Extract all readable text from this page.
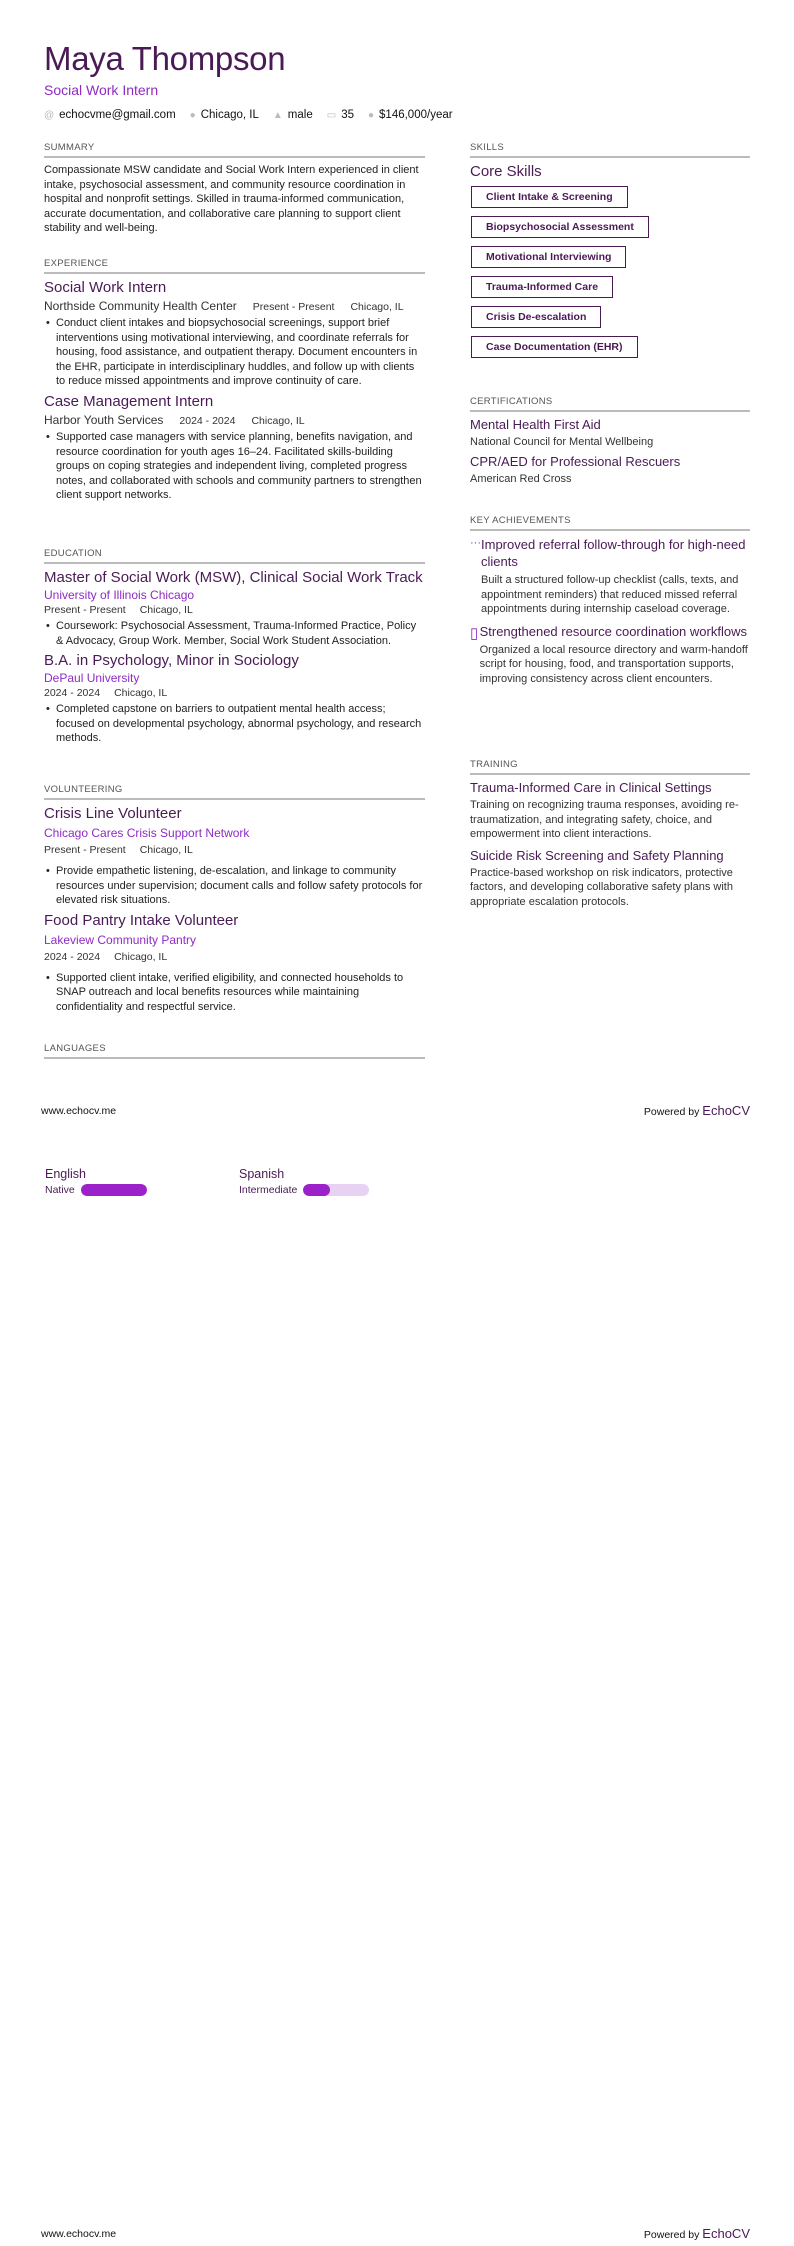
Maya Thompson
Social Work Intern
@ echocvme@gmail.com ● Chicago, IL ▲ male ▭ 35 ● $146,000/year
SUMMARY
Compassionate MSW candidate and Social Work Intern experienced in client intake, psychosocial assessment, and community resource coordination in hospital and nonprofit settings. Skilled in trauma-informed communication, accurate documentation, and collaborative care planning to support client stability and well-being.
EXPERIENCE
Social Work Intern
Northside Community Health Center Present - Present Chicago, IL
• Conduct client intakes and biopsychosocial screenings, support brief interventions using motivational interviewing, and coordinate referrals for housing, food assistance, and outpatient therapy. Document encounters in the EHR, participate in interdisciplinary huddles, and follow up with clients to reduce missed appointments and improve continuity of care.
Case Management Intern
Harbor Youth Services 2024 - 2024 Chicago, IL
• Supported case managers with service planning, benefits navigation, and resource coordination for youth ages 16–24. Facilitated skills-building groups on coping strategies and independent living, completed progress notes, and collaborated with schools and community partners to strengthen client support networks.
EDUCATION
Master of Social Work (MSW), Clinical Social Work Track
University of Illinois Chicago
Present - Present Chicago, IL
• Coursework: Psychosocial Assessment, Trauma-Informed Practice, Policy & Advocacy, Group Work. Member, Social Work Student Association.
B.A. in Psychology, Minor in Sociology
DePaul University
2024 - 2024 Chicago, IL
• Completed capstone on barriers to outpatient mental health access; focused on developmental psychology, abnormal psychology, and research methods.
VOLUNTEERING
Crisis Line Volunteer
Chicago Cares Crisis Support Network
Present - Present Chicago, IL
• Provide empathetic listening, de-escalation, and linkage to community resources under supervision; document calls and follow safety protocols for elevated risk situations.
Food Pantry Intake Volunteer
Lakeview Community Pantry
2024 - 2024 Chicago, IL
• Supported client intake, verified eligibility, and connected households to SNAP outreach and local benefits resources while maintaining confidentiality and respectful service.
LANGUAGES
www.echocv.me	Powered by EchoCV
English
Native
Spanish
Intermediate
SKILLS
Core Skills
Client Intake & Screening
Biopsychosocial Assessment
Motivational Interviewing
Trauma-Informed Care
Crisis De-escalation
Case Documentation (EHR)

CERTIFICATIONS
Mental Health First Aid
National Council for Mental Wellbeing
CPR/AED for Professional Rescuers
American Red Cross
KEY ACHIEVEMENTS
··· Improved referral follow-through for high-need clients
Built a structured follow-up checklist (calls, texts, and appointment reminders) that reduced missed referral appointments during internship caseload coverage.
▯ Strengthened resource coordination workflows
Organized a local resource directory and warm-handoff script for housing, food, and transportation supports, improving consistency across client encounters.
TRAINING
Trauma-Informed Care in Clinical Settings
Training on recognizing trauma responses, avoiding re-traumatization, and integrating safety, choice, and empowerment into client interactions.
Suicide Risk Screening and Safety Planning
Practice-based workshop on risk indicators, protective factors, and developing collaborative safety plans with appropriate escalation protocols.
www.echocv.me	Powered by EchoCV
